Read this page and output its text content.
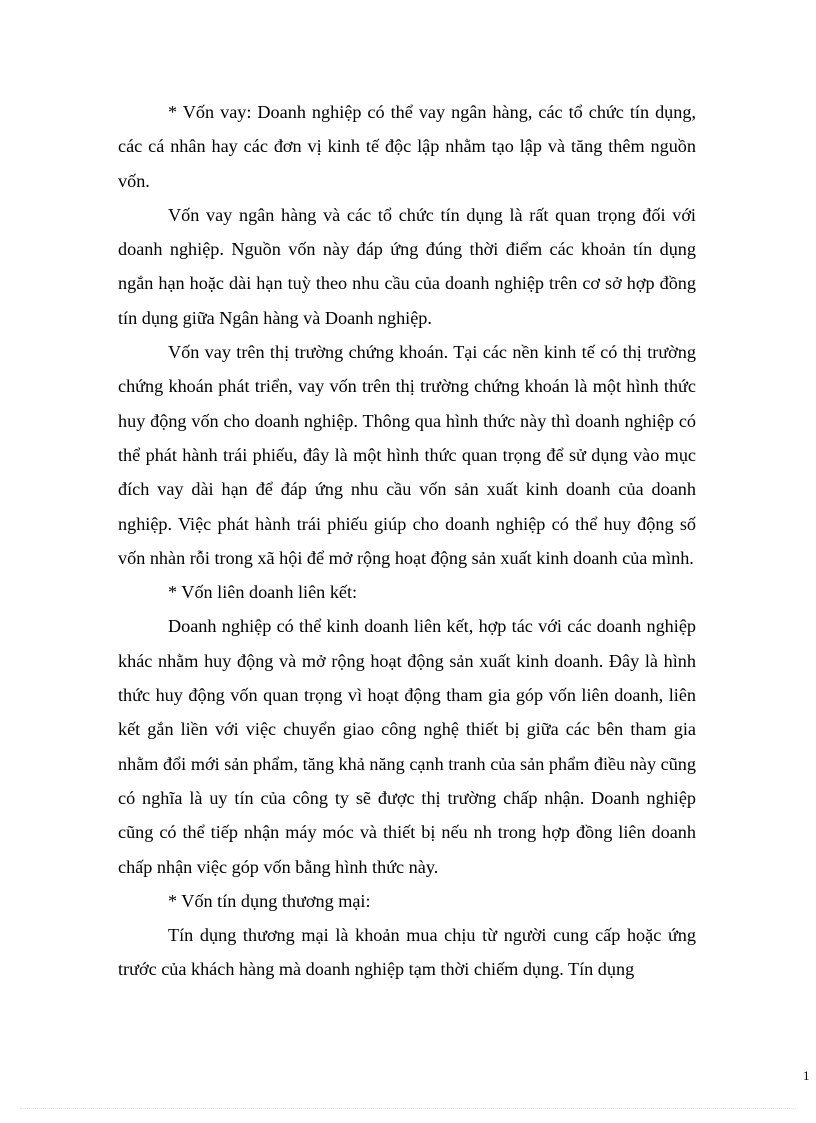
* Vốn vay: Doanh nghiệp có thể vay ngân hàng, các tổ chức tín dụng, các cá nhân hay các đơn vị kinh tế độc lập nhằm tạo lập và tăng thêm nguồn vốn.

Vốn vay ngân hàng và các tổ chức tín dụng là rất quan trọng đối với doanh nghiệp. Nguồn vốn này đáp ứng đúng thời điểm các khoản tín dụng ngắn hạn hoặc dài hạn tuỳ theo nhu cầu của doanh nghiệp trên cơ sở hợp đồng tín dụng giữa Ngân hàng và Doanh nghiệp.

Vốn vay trên thị trường chứng khoán. Tại các nền kinh tế có thị trường chứng khoán phát triển, vay vốn trên thị trường chứng khoán là một hình thức huy động vốn cho doanh nghiệp. Thông qua hình thức này thì doanh nghiệp có thể phát hành trái phiếu, đây là một hình thức quan trọng để sử dụng vào mục đích vay dài hạn để đáp ứng nhu cầu vốn sản xuất kinh doanh của doanh nghiệp. Việc phát hành trái phiếu giúp cho doanh nghiệp có thể huy động số vốn nhàn rỗi trong xã hội để mở rộng hoạt động sản xuất kinh doanh của mình.

* Vốn liên doanh liên kết:

Doanh nghiệp có thể kinh doanh liên kết, hợp tác với các doanh nghiệp khác nhằm huy động và mở rộng hoạt động sản xuất kinh doanh. Đây là hình thức huy động vốn quan trọng vì hoạt động tham gia góp vốn liên doanh, liên kết gắn liền với việc chuyển giao công nghệ thiết bị giữa các bên tham gia nhằm đổi mới sản phẩm, tăng khả năng cạnh tranh của sản phẩm điều này cũng có nghĩa là uy tín của công ty sẽ được thị trường chấp nhận. Doanh nghiệp cũng có thể tiếp nhận máy móc và thiết bị nếu nh trong hợp đồng liên doanh chấp nhận việc góp vốn bằng hình thức này.

* Vốn tín dụng thương mại:

Tín dụng thương mại là khoản mua chịu từ người cung cấp hoặc ứng trước của khách hàng mà doanh nghiệp tạm thời chiếm dụng. Tín dụng

1
